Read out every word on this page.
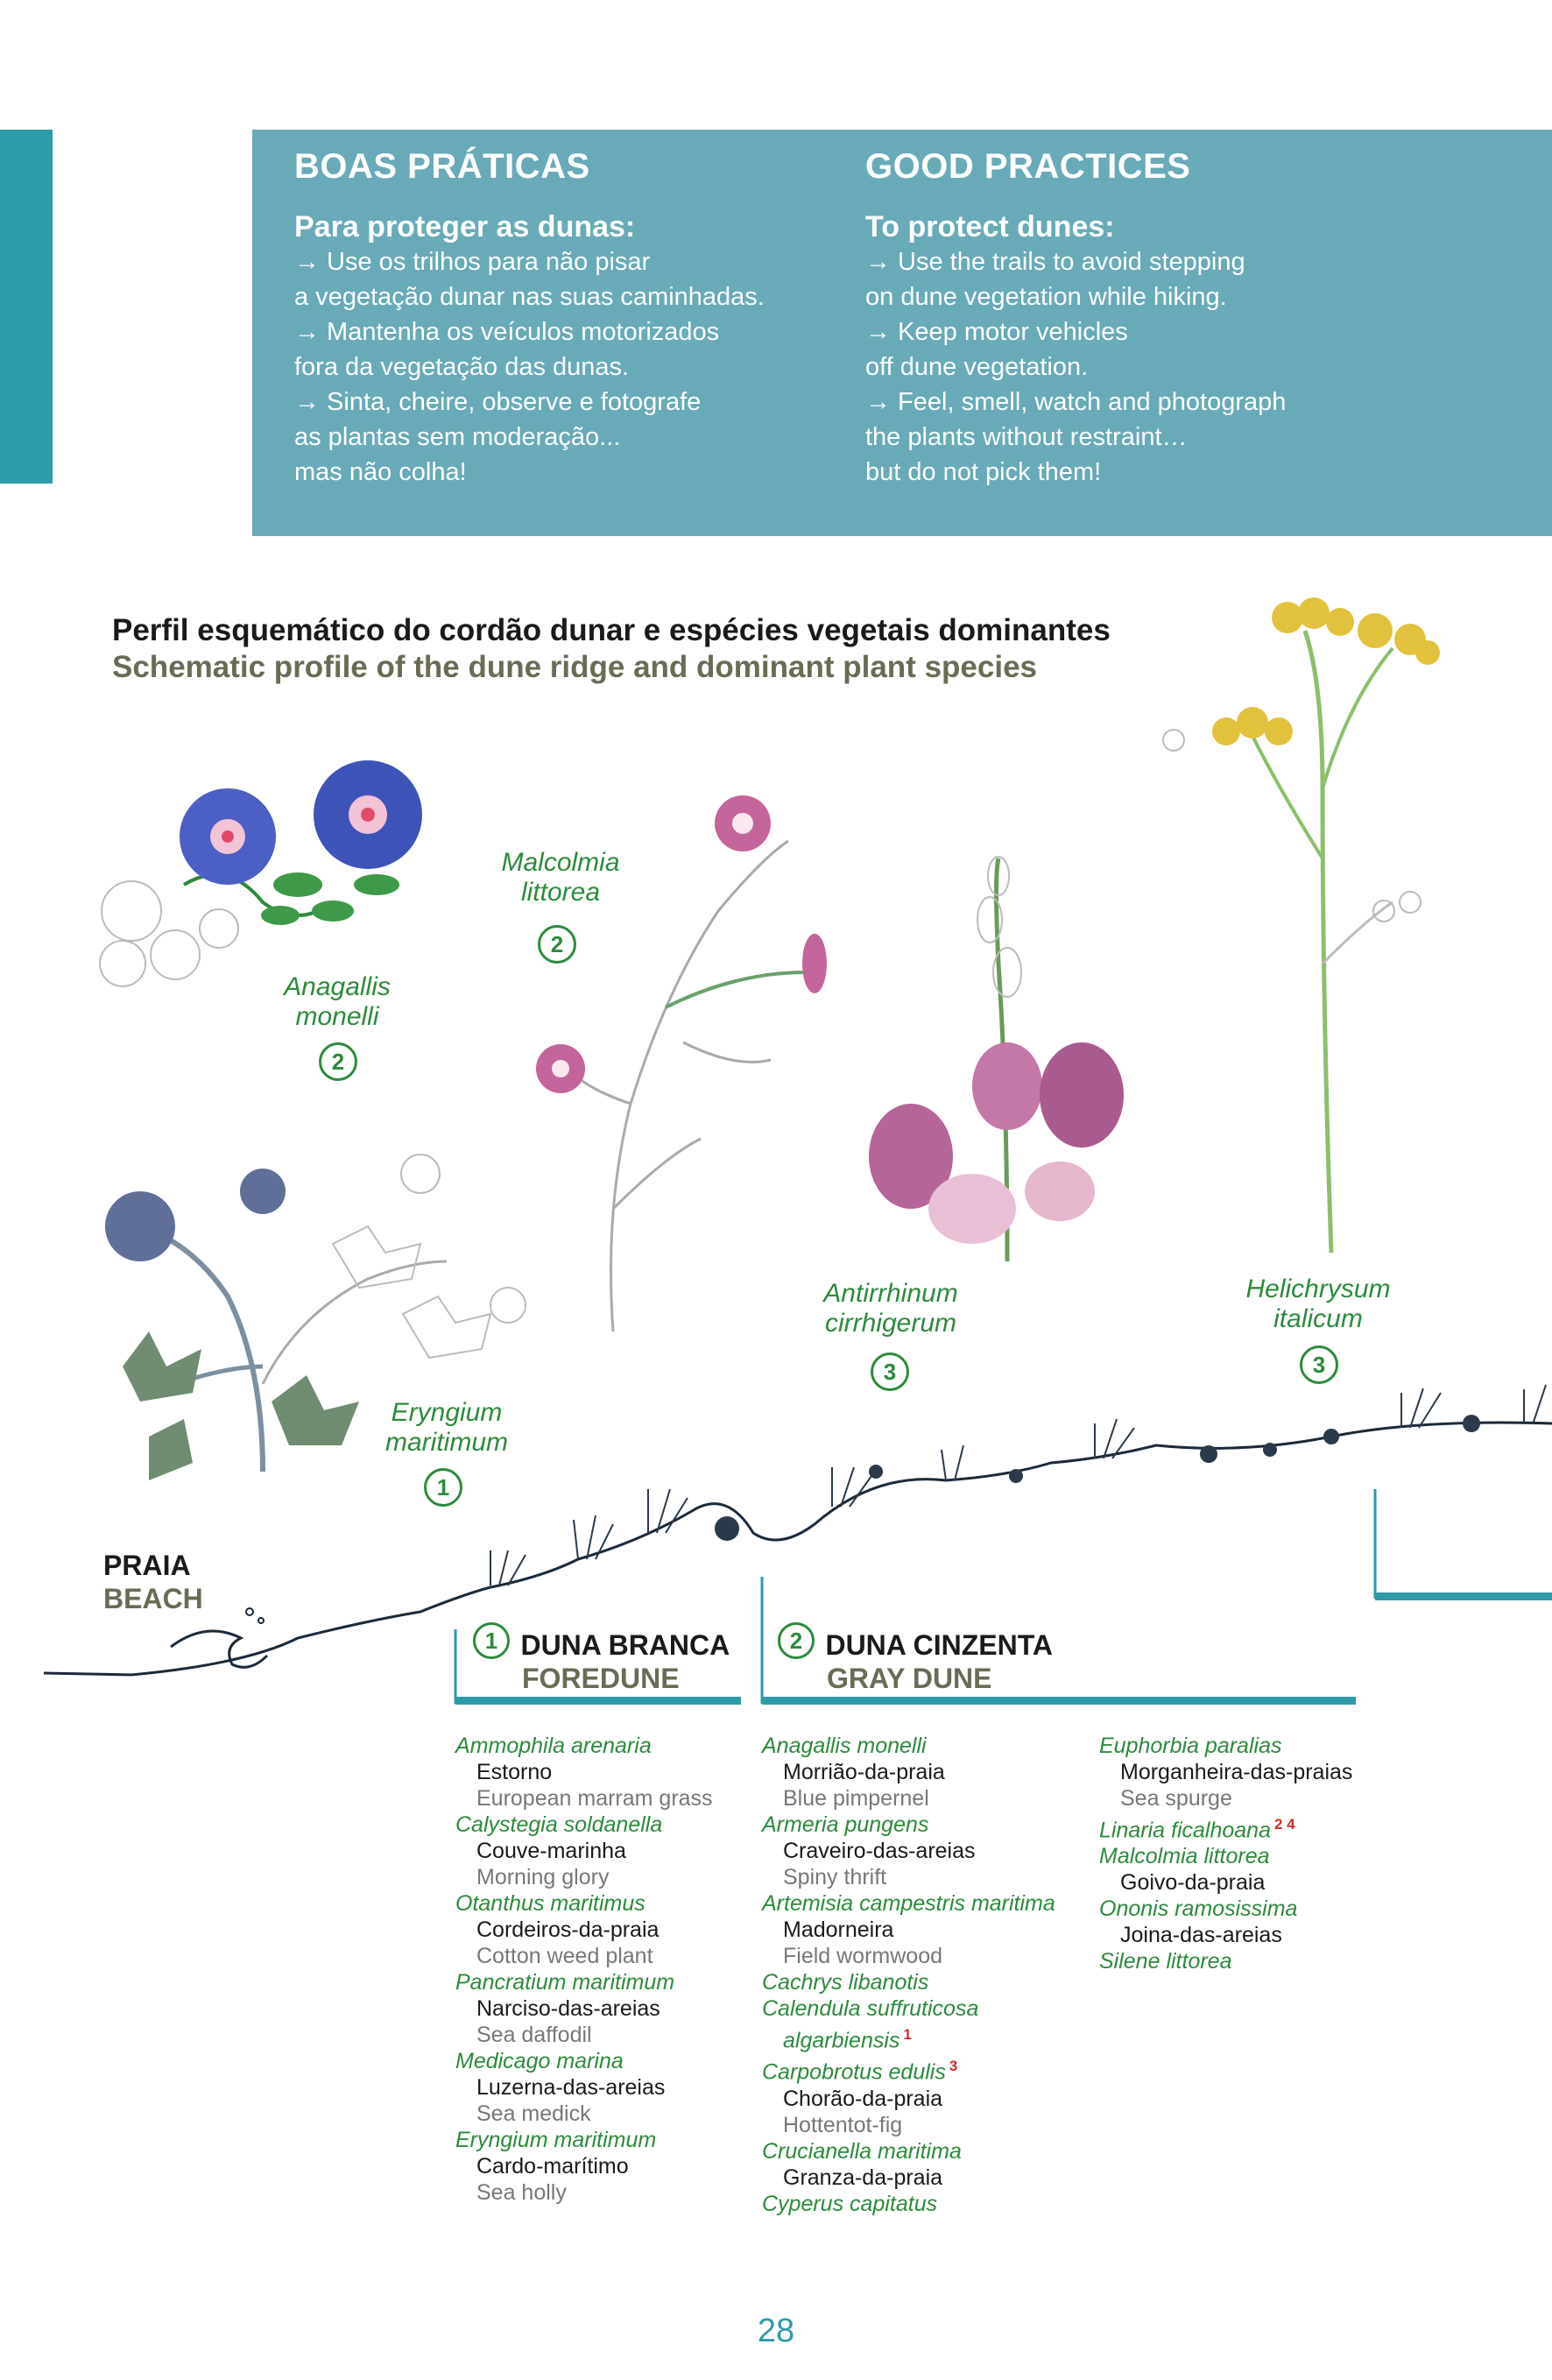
BOAS PRÁTICAS
Para proteger as dunas:
→ Use os trilhos para não pisar
a vegetação dunar nas suas caminhadas.
→ Mantenha os veículos motorizados
fora da vegetação das dunas.
→ Sinta, cheire, observe e fotografe
as plantas sem moderação...
mas não colha!
GOOD PRACTICES
To protect dunes:
→ Use the trails to avoid stepping
on dune vegetation while hiking.
→ Keep motor vehicles
off dune vegetation.
→ Feel, smell, watch and photograph
the plants without restraint…
but do not pick them!
Perfil esquemático do cordão dunar e espécies vegetais dominantes
Schematic profile of the dune ridge and dominant plant species
Anagallis
monelli
2
Malcolmia
littorea
2
Antirrhinum
cirrhigerum
3
Helichrysum
italicum
3
Eryngium
maritimum
1
PRAIA
BEACH
1 DUNA BRANCA
FOREDUNE
2 DUNA CINZENTA
GRAY DUNE
Ammophila arenaria
Estorno
European marram grass
Calystegia soldanella
Couve-marinha
Morning glory
Otanthus maritimus
Cordeiros-da-praia
Cotton weed plant
Pancratium maritimum
Narciso-das-areias
Sea daffodil
Medicago marina
Luzerna-das-areias
Sea medick
Eryngium maritimum
Cardo-marítimo
Sea holly
Anagallis monelli
Morrião-da-praia
Blue pimpernel
Armeria pungens
Craveiro-das-areias
Spiny thrift
Artemisia campestris maritima
Madorneira
Field wormwood
Cachrys libanotis
Calendula suffruticosa
algarbiensis $^1$
Carpobrotus edulis $^3$
Chorão-da-praia
Hottentot-fig
Crucianella maritima
Granza-da-praia
Cyperus capitatus
Euphorbia paralias
Morganheira-das-praias
Sea spurge
Linaria ficalhoana $^{2 4}$
Malcolmia littorea
Goivo-da-praia
Ononis ramosissima
Joina-das-areias
Silene littorea
28
